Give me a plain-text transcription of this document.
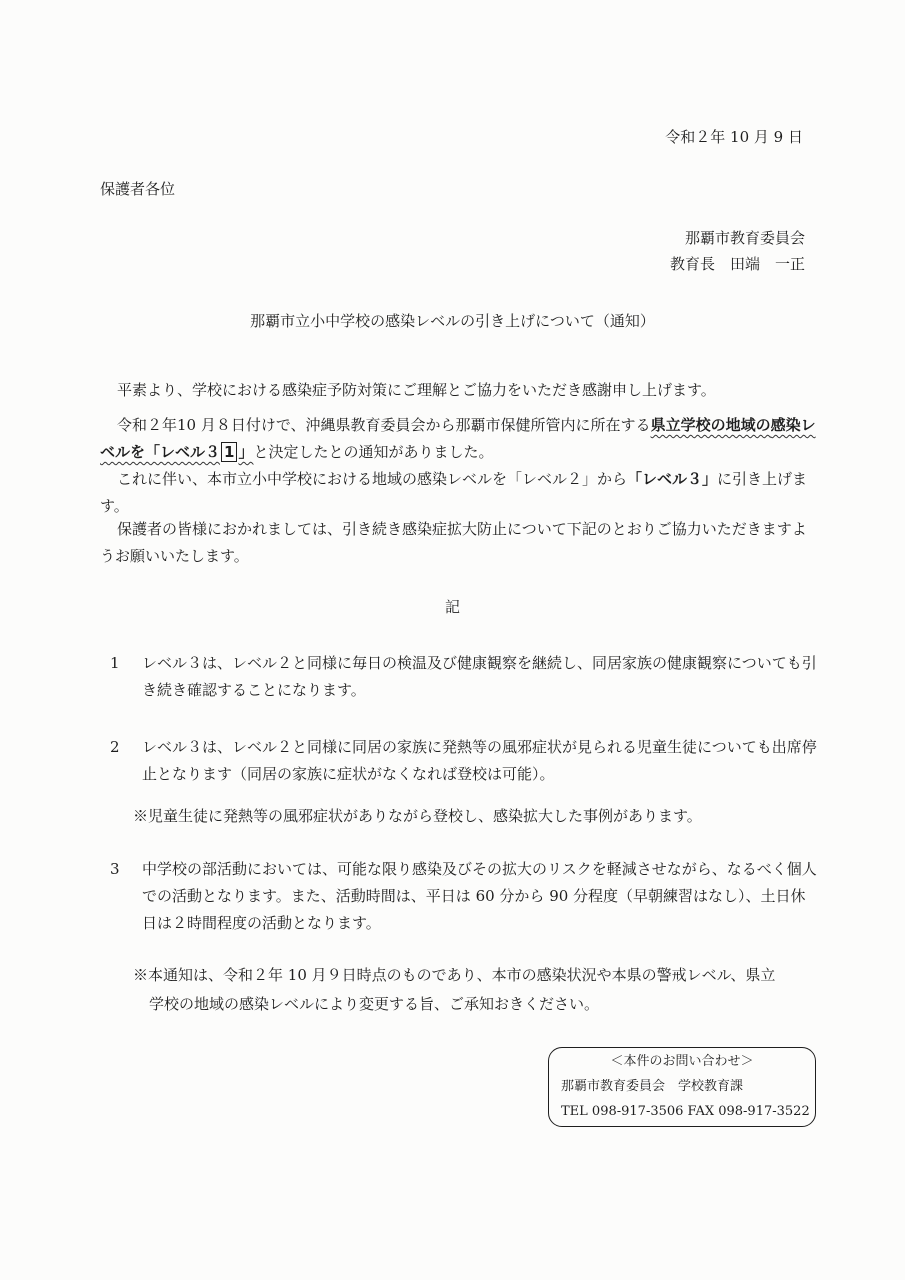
令和２年 10 月 9 日
保護者各位
那覇市教育委員会
教育長　田端　一正
那覇市立小中学校の感染レベルの引き上げについて（通知）
平素より、学校における感染症予防対策にご理解とご協力をいただき感謝申し上げます。
令和２年10 月８日付けで、沖縄県教育委員会から那覇市保健所管内に所在する県立学校の地域の感染レベルを「レベル３ 1 」と決定したとの通知がありました。
これに伴い、本市立小中学校における地域の感染レベルを「レベル２」から「レベル３」に引き上げます。
保護者の皆様におかれましては、引き続き感染症拡大防止について下記のとおりご協力いただきますようお願いいたします。
記
1 レベル３は、レベル２と同様に毎日の検温及び健康観察を継続し、同居家族の健康観察についても引き続き確認することになります。
2 レベル３は、レベル２と同様に同居の家族に発熱等の風邪症状が見られる児童生徒についても出席停止となります（同居の家族に症状がなくなれば登校は可能）。
※児童生徒に発熱等の風邪症状がありながら登校し、感染拡大した事例があります。
3 中学校の部活動においては、可能な限り感染及びその拡大のリスクを軽減させながら、なるべく個人での活動となります。また、活動時間は、平日は 60 分から 90 分程度（早朝練習はなし）、土日休日は２時間程度の活動となります。
※本通知は、令和２年 10 月９日時点のものであり、本市の感染状況や本県の警戒レベル、県立
学校の地域の感染レベルにより変更する旨、ご承知おきください。
＜本件のお問い合わせ＞
那覇市教育委員会　学校教育課
TEL 098-917-3506 FAX 098-917-3522
